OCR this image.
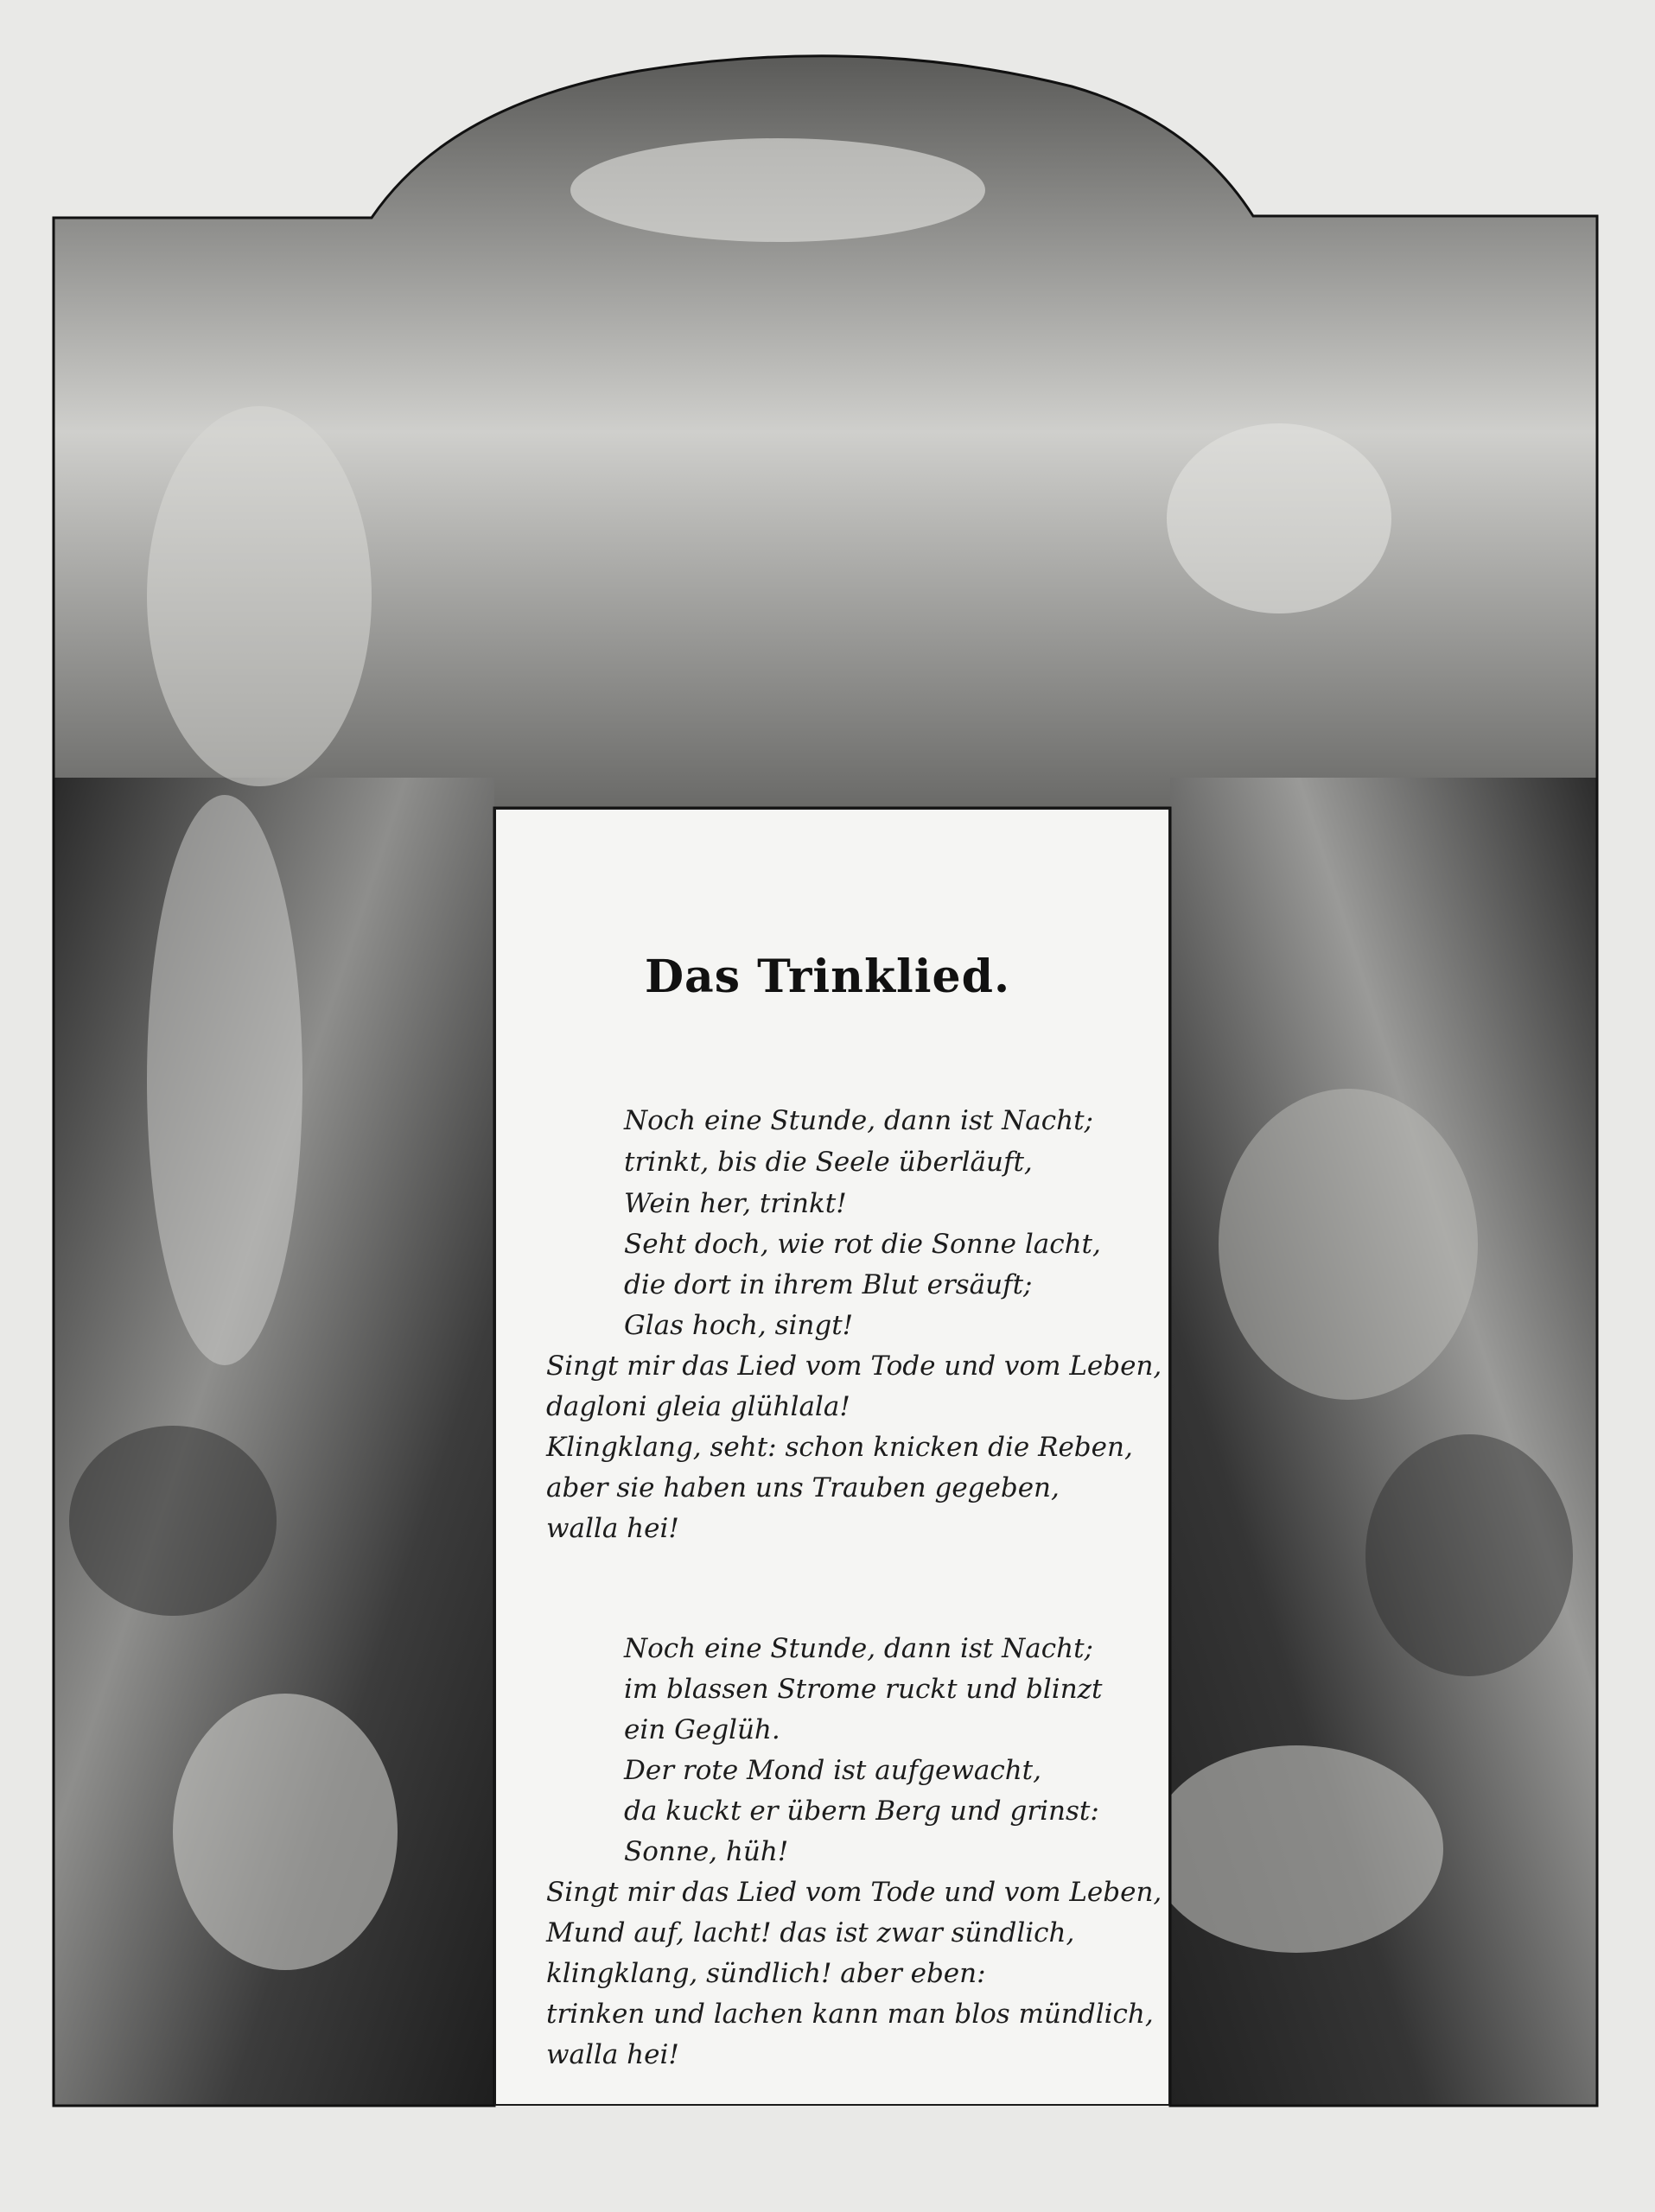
Das Trinklied.
Noch eine Stunde, dann ist Nacht;
trinkt, bis die Seele überläuft,
Wein her, trinkt!
Seht doch, wie rot die Sonne lacht,
die dort in ihrem Blut ersäuft;
Glas hoch, singt!
Singt mir das Lied vom Tode und vom Leben,
dagloni gleia glühlala!
Klingklang, seht: schon knicken die Reben,
aber sie haben uns Trauben gegeben,
walla hei!
Noch eine Stunde, dann ist Nacht;
im blassen Strome ruckt und blinzt
ein Geglüh.
Der rote Mond ist aufgewacht,
da kuckt er übern Berg und grinst:
Sonne, hüh!
Singt mir das Lied vom Tode und vom Leben,
Mund auf, lacht! das ist zwar sündlich,
klingklang, sündlich! aber eben:
trinken und lachen kann man blos mündlich,
walla hei!
